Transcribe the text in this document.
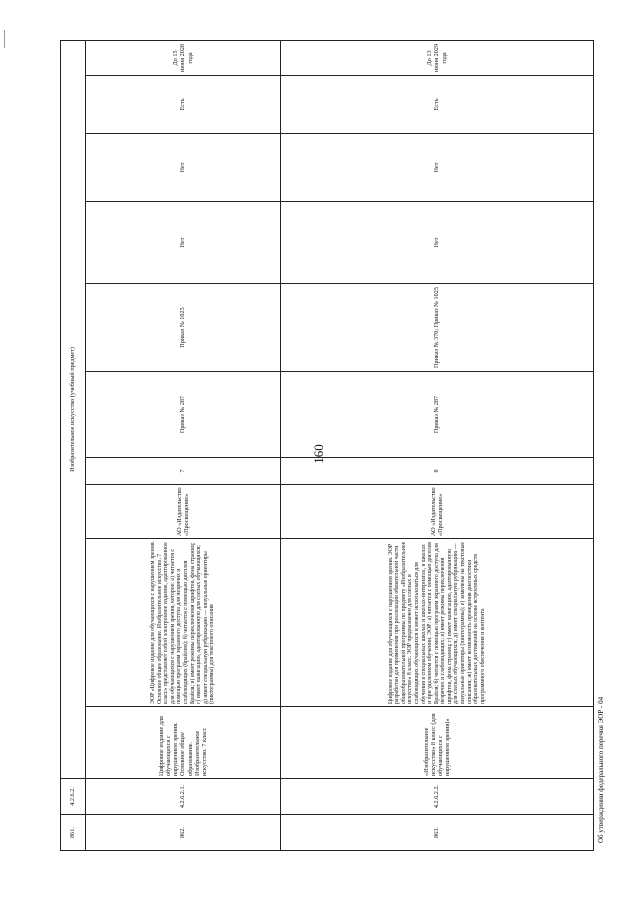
160
861.	4.2.6.2.	Изобразительное искусство (учебный предмет)									
862.	4.2.6.2.1.	Цифровое издание для обучающихся с нарушением зрения. Основное общее образование. Изобразительное искусство. 7 класс	ЭОР «Цифровое издание для обучающихся с нарушением зрения. Основное общее образование. Изобразительное искусство. 7 класс» представляет собой электронное издание, адаптированное для обучающихся с нарушением зрения, которое: а) читается с помощью программ экранного доступа для незрячих и слабовидящих (брайлем); б) читается с помощью дисплея Брайля; в) имеет режимы переключения шрифтов, фона страниц; г) имеет навигацию, адаптированную для слепых обучающихся; д) имеет специальную рубрикацию — визуальные ориентиры (пиктограммы) для текстового описания	АО «Издательство «Просвещение»	7	Приказ № 287	Приказ № 1025	Нет	Нет	Есть	До 15 июня 2028 года
863.	4.2.6.2.2.	«Изобразительное искусство» 8 класс (для обучающихся с нарушением зрения)»	Цифровое издание для обучающихся с нарушением зрения. ЭОР разработан для применения при реализации обязательной части общеобразовательной программы по предмету «Изобразительное искусство» 8 класс. ЭОР предназначен для слепых и слабовидящих обучающихся и может использоваться для обучения в специальных школах и школах-интернатах, в школах и при удаленном обучении. ЭОР: а) читается с помощью дисплея Брайля; б) читается с помощью программ экранного доступа для незрячих и слабовидящих; в) имеет режимы переключения шрифтов, фона страниц; г) имеет навигацию, адаптированную для слепых обучающихся; д) имеет специальную рубрикацию — визуальные ориентиры (пиктограммы); е) заменены на текстовые описания; ж) имеет возможность проведения диагностики образовательных достижений на основе встроенных средств программного обеспечения и контента	АО «Издательство «Просвещение»	8	Приказ № 287	Приказ № 370; Приказ № 1025	Нет	Нет	Есть	До 13 июня 2029 года
Об утверждении федерального перечня ЭОР - 04
